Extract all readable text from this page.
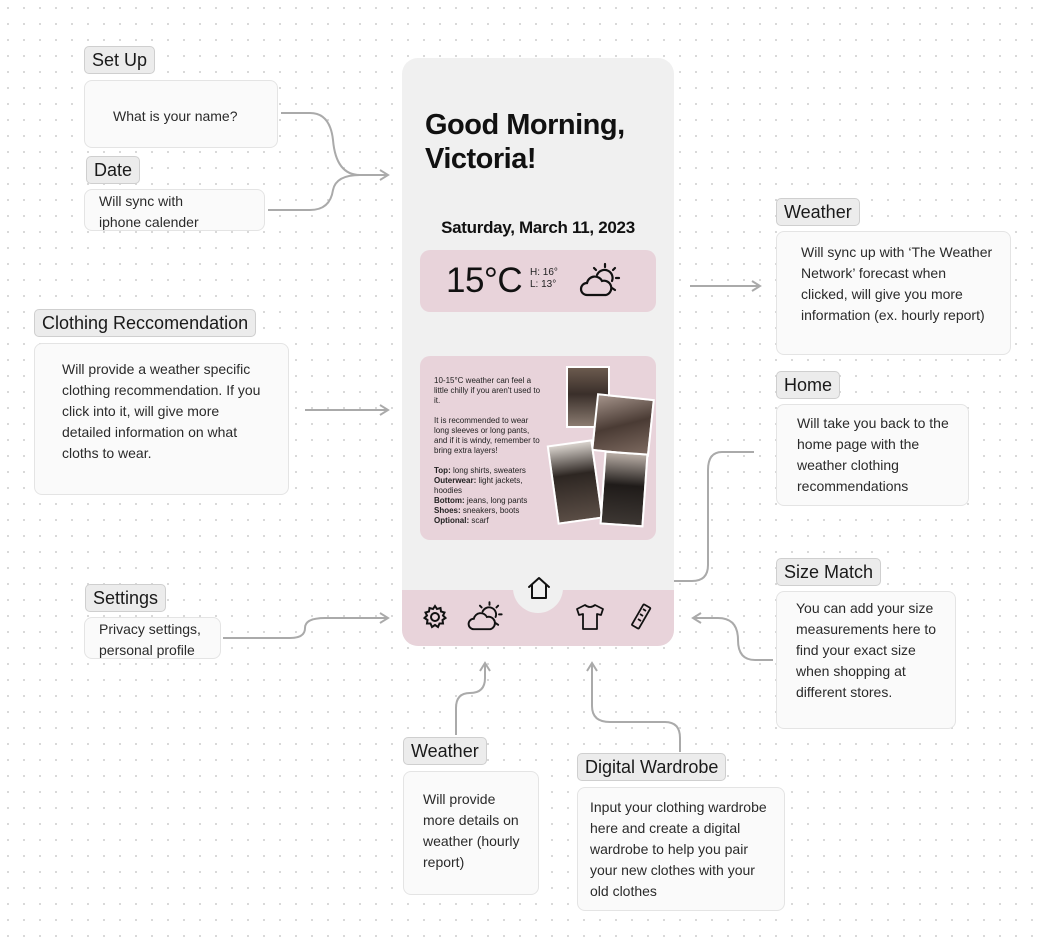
Set Up
What is your name?
Date
Will sync with iphone calender
Clothing Reccomendation
Will provide a weather specific clothing recommendation. If you click into it, will give more detailed information on what cloths to wear.
Settings
Privacy settings, personal profile
Weather
Will sync up with ‘The Weather Network’ forecast when clicked, will give you more information (ex. hourly report)
Home
Will take you back to the home page with the weather clothing recommendations
Size Match
You can add your size measurements here to find your exact size when shopping at different stores.
Weather
Will provide more details on weather (hourly report)
Digital Wardrobe
Input your clothing wardrobe here and create a digital wardrobe to help you pair your new clothes with your old clothes
Good Morning, Victoria!
Saturday, March 11, 2023
15°C H: 16°
L: 13°

10-15°C weather can feel a little chilly if you aren't used to it.

It is recommended to wear long sleeves or long pants, and if it is windy, remember to bring extra layers!

Top: long shirts, sweaters
Outerwear: light jackets, hoodies
Bottom: jeans, long pants
Shoes: sneakers, boots
Optional: scarf
